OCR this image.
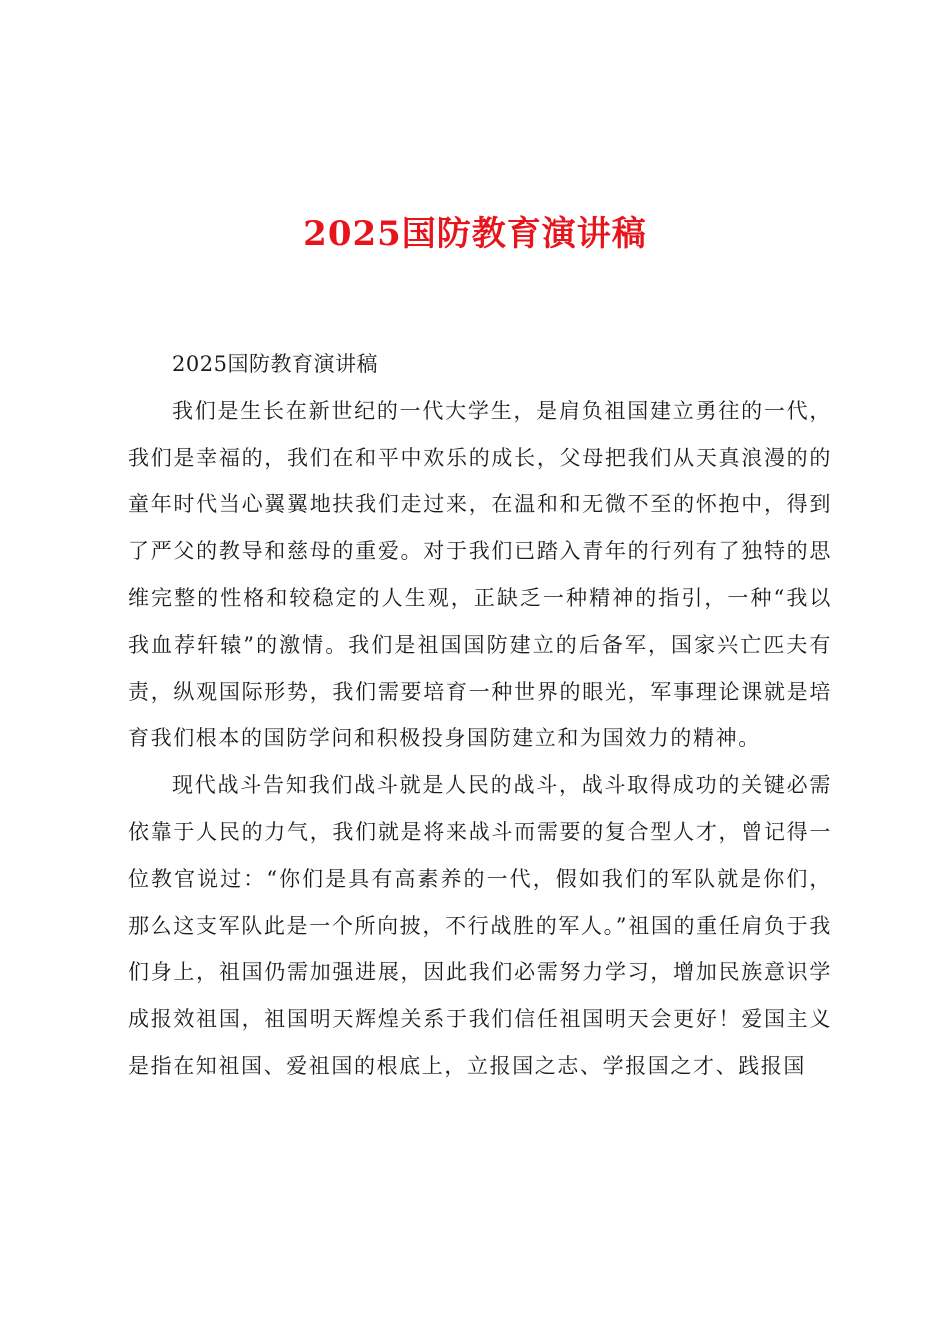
2025国防教育演讲稿

2025国防教育演讲稿

我们是生长在新世纪的一代大学生，是肩负祖国建立勇往的一代，我们是幸福的，我们在和平中欢乐的成长，父母把我们从天真浪漫的的童年时代当心翼翼地扶我们走过来，在温和和无微不至的怀抱中，得到了严父的教导和慈母的重爱。对于我们已踏入青年的行列有了独特的思维完整的性格和较稳定的人生观，正缺乏一种精神的指引，一种“我以我血荐轩辕”的激情。我们是祖国国防建立的后备军，国家兴亡匹夫有责，纵观国际形势，我们需要培育一种世界的眼光，军事理论课就是培育我们根本的国防学问和积极投身国防建立和为国效力的精神。

现代战斗告知我们战斗就是人民的战斗，战斗取得成功的关键必需依靠于人民的力气，我们就是将来战斗而需要的复合型人才，曾记得一位教官说过：“你们是具有高素养的一代，假如我们的军队就是你们，那么这支军队此是一个所向披，不行战胜的军人。”祖国的重任肩负于我们身上，祖国仍需加强进展，因此我们必需努力学习，增加民族意识学成报效祖国，祖国明天辉煌关系于我们信任祖国明天会更好！爱国主义是指在知祖国、爱祖国的根底上，立报国之志、学报国之才、践报国
